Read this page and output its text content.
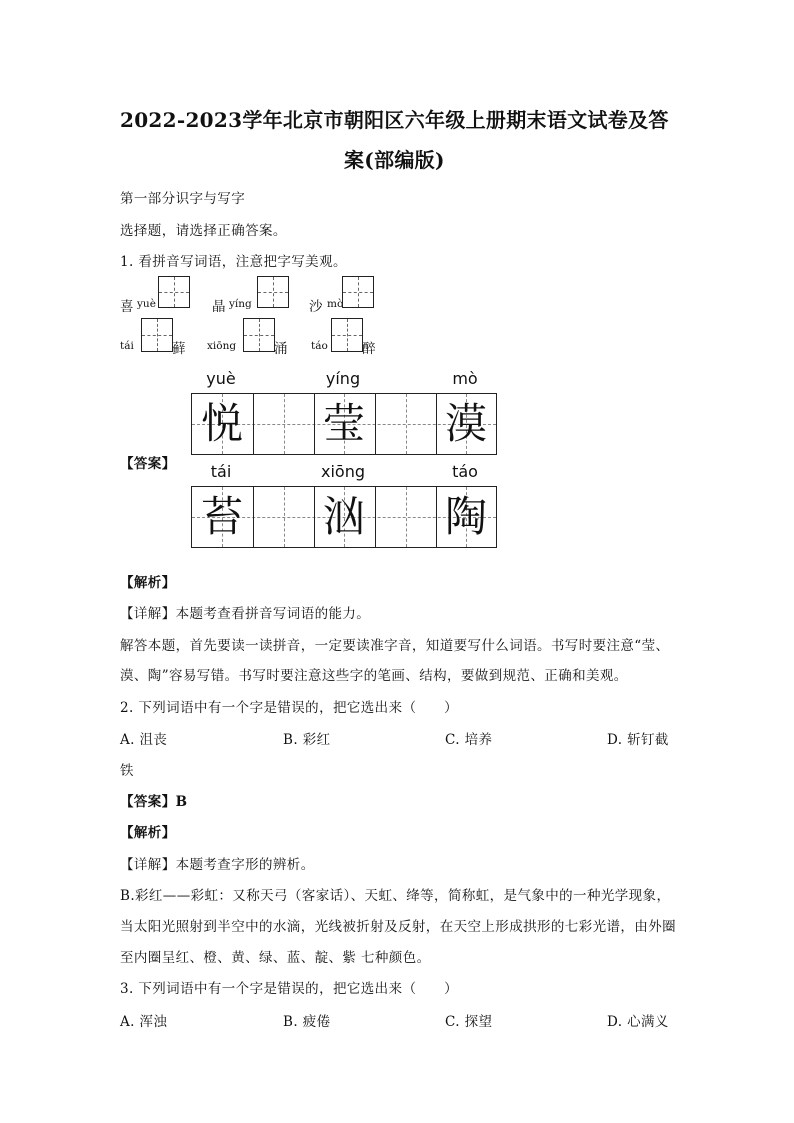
2022-2023学年北京市朝阳区六年级上册期末语文试卷及答
案(部编版)
第一部分识字与写字
选择题，请选择正确答案。
1. 看拼音写词语，注意把字写美观。
喜 yuè	晶 yíng	沙 mò
tái	藓 xiōng	涌 táo	醉
【答案】
yuè	yíng	mò
悦 莹 漠
tái	xiōng	táo
苔 汹 陶
【解析】
【详解】本题考查看拼音写词语的能力。
解答本题，首先要读一读拼音，一定要读准字音，知道要写什么词语。书写时要注意“莹、
漠、陶”容易写错。书写时要注意这些字的笔画、结构，要做到规范、正确和美观。
2. 下列词语中有一个字是错误的，把它选出来（　　）
A. 沮丧	B. 彩红	C. 培养	D. 斩钉截
铁
【答案】B
【解析】
【详解】本题考查字形的辨析。
B.彩红——彩虹：又称天弓（客家话）、天虹、绛等，简称虹，是气象中的一种光学现象，
当太阳光照射到半空中的水滴，光线被折射及反射，在天空上形成拱形的七彩光谱，由外圈
至内圈呈红、橙、黄、绿、蓝、靛、紫 七种颜色。
3. 下列词语中有一个字是错误的，把它选出来（　　）
A. 浑浊	B. 疲倦	C. 探望	D. 心满义
